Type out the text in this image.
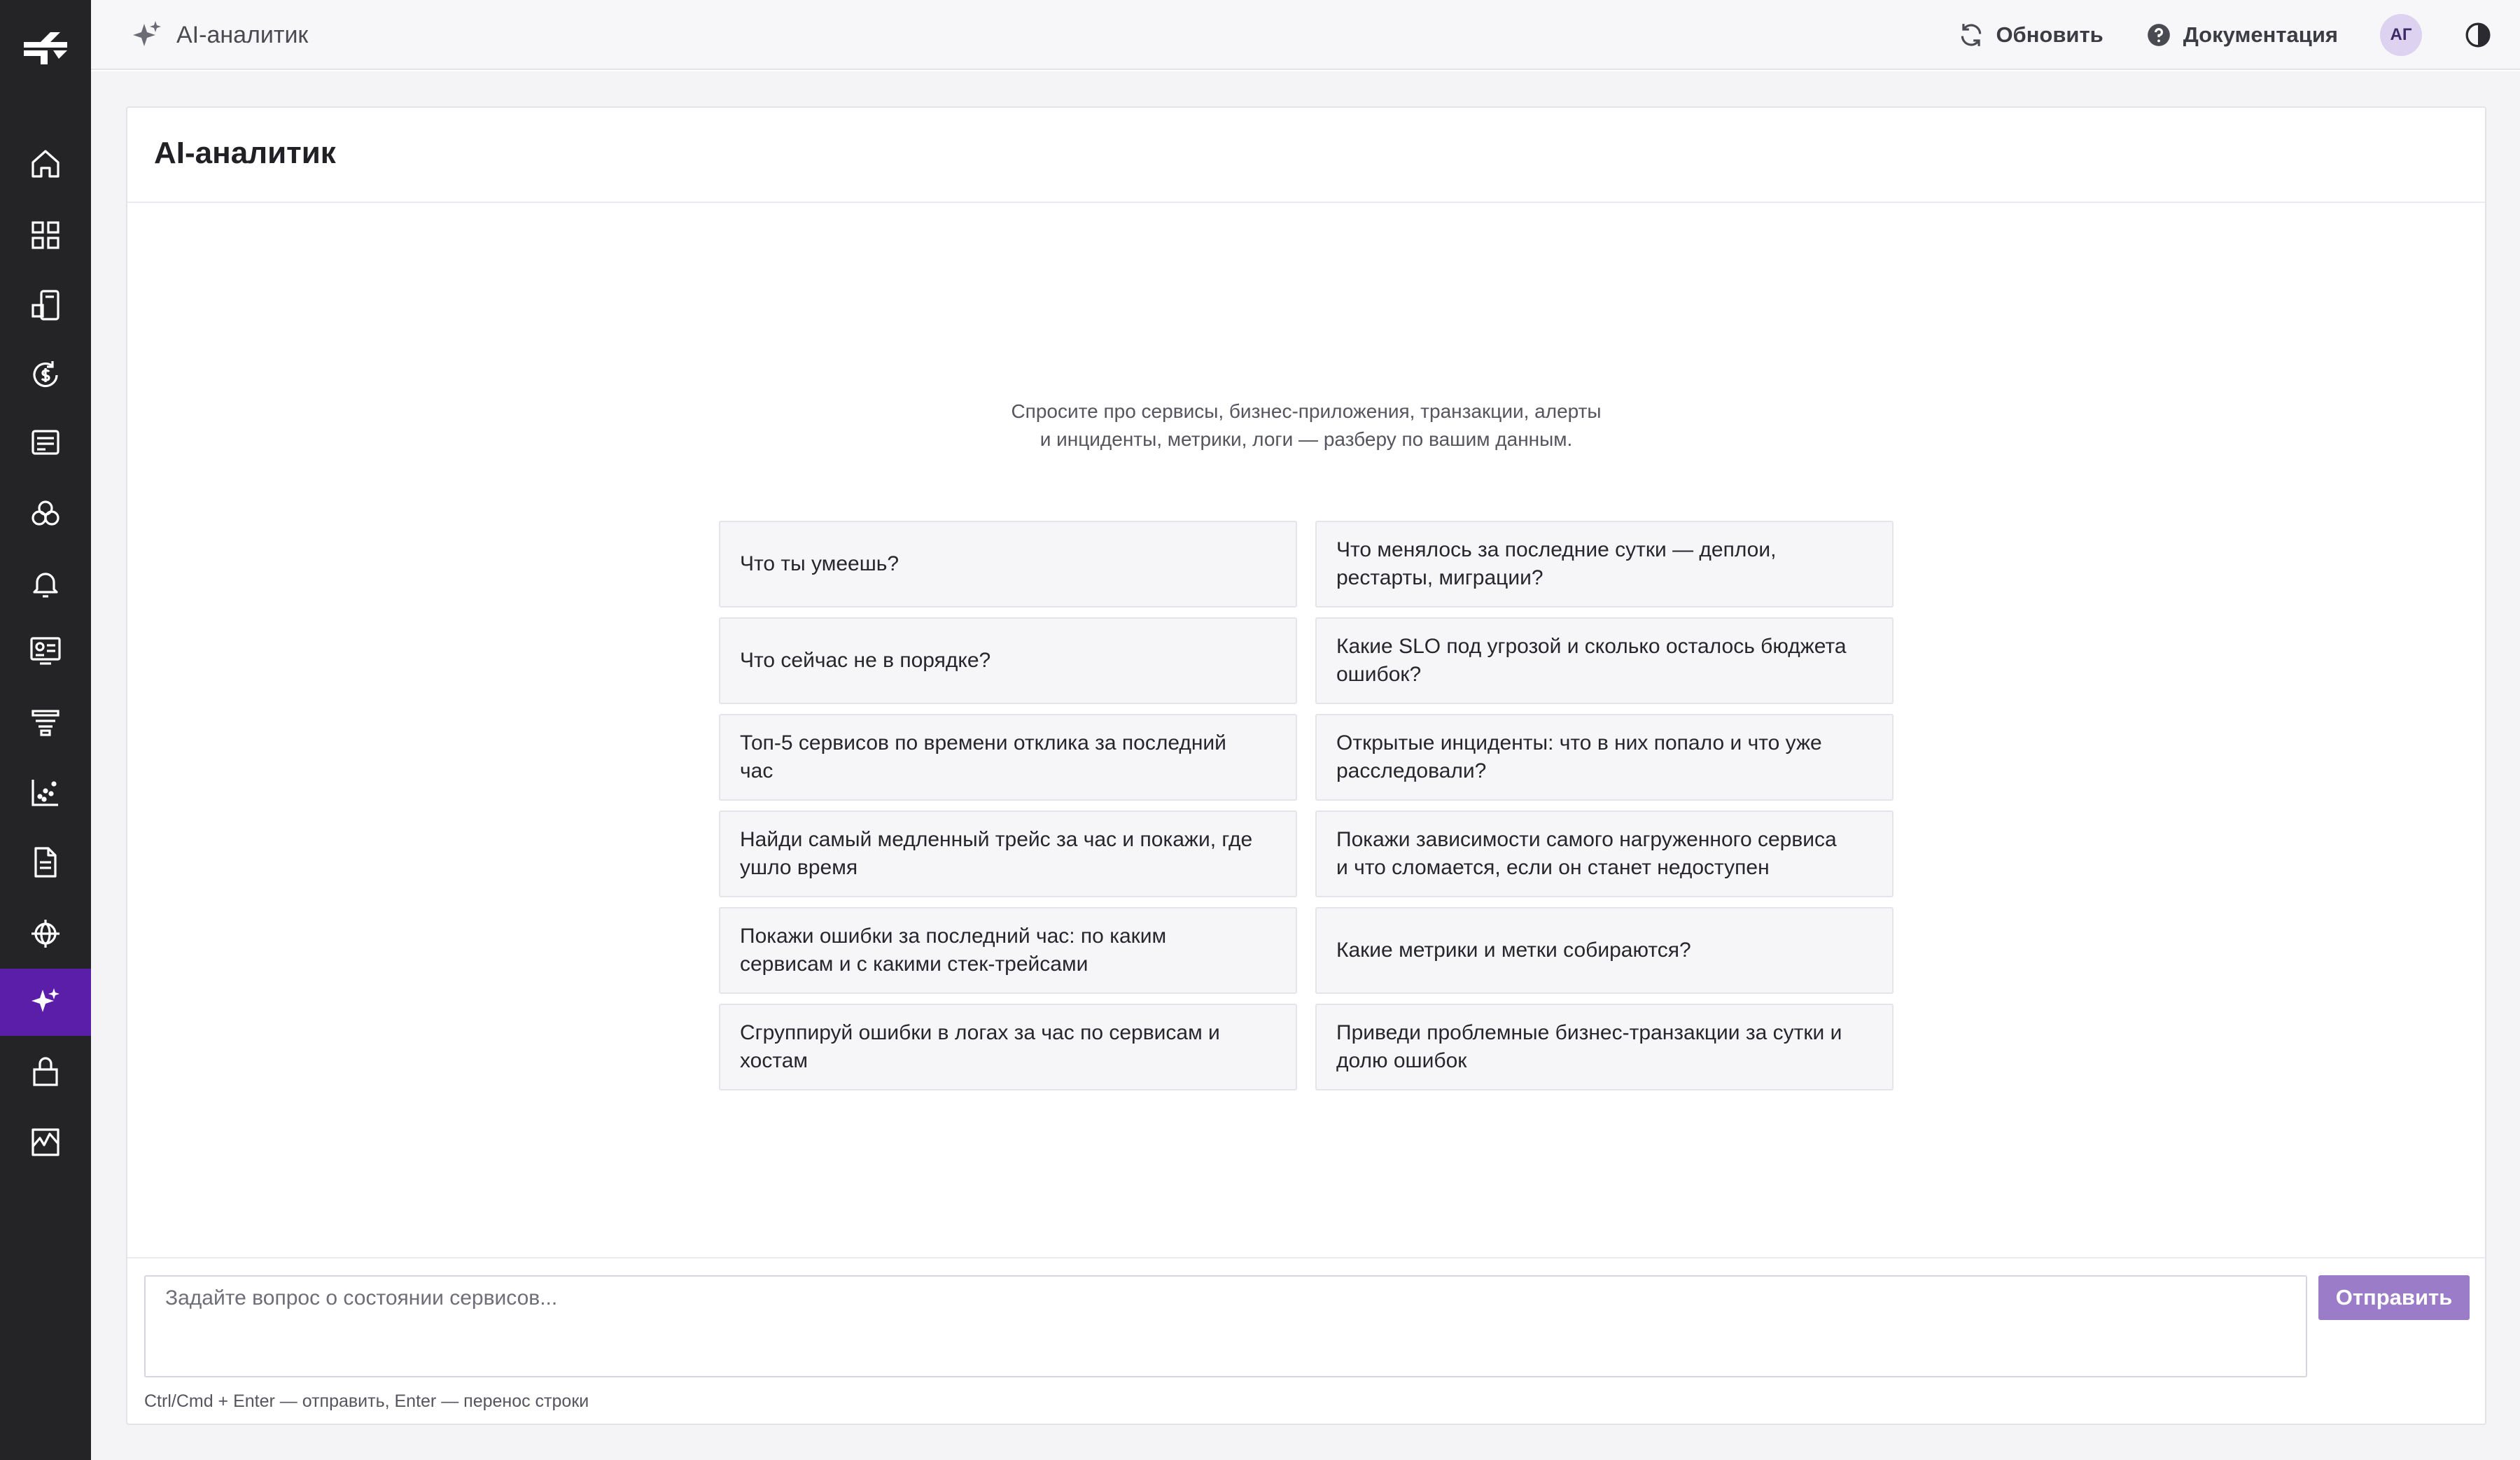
AI-аналитик	Обновить	Документация	АГ
AI-аналитик
Спросите про сервисы, бизнес-приложения, транзакции, алерты
и инциденты, метрики, логи — разберу по вашим данным.
Что ты умеешь?
Что менялось за последние сутки — деплои, рестарты, миграции?
Что сейчас не в порядке?
Какие SLO под угрозой и сколько осталось бюджета ошибок?
Топ-5 сервисов по времени отклика за последний час
Открытые инциденты: что в них попало и что уже расследовали?
Найди самый медленный трейс за час и покажи, где ушло время
Покажи зависимости самого нагруженного сервиса и что сломается, если он станет недоступен
Покажи ошибки за последний час: по каким сервисам и с какими стек-трейсами
Какие метрики и метки собираются?
Сгруппируй ошибки в логах за час по сервисам и хостам
Приведи проблемные бизнес-транзакции за сутки и долю ошибок
Задайте вопрос о состоянии сервисов...
Отправить
Ctrl/Cmd + Enter — отправить, Enter — перенос строки
